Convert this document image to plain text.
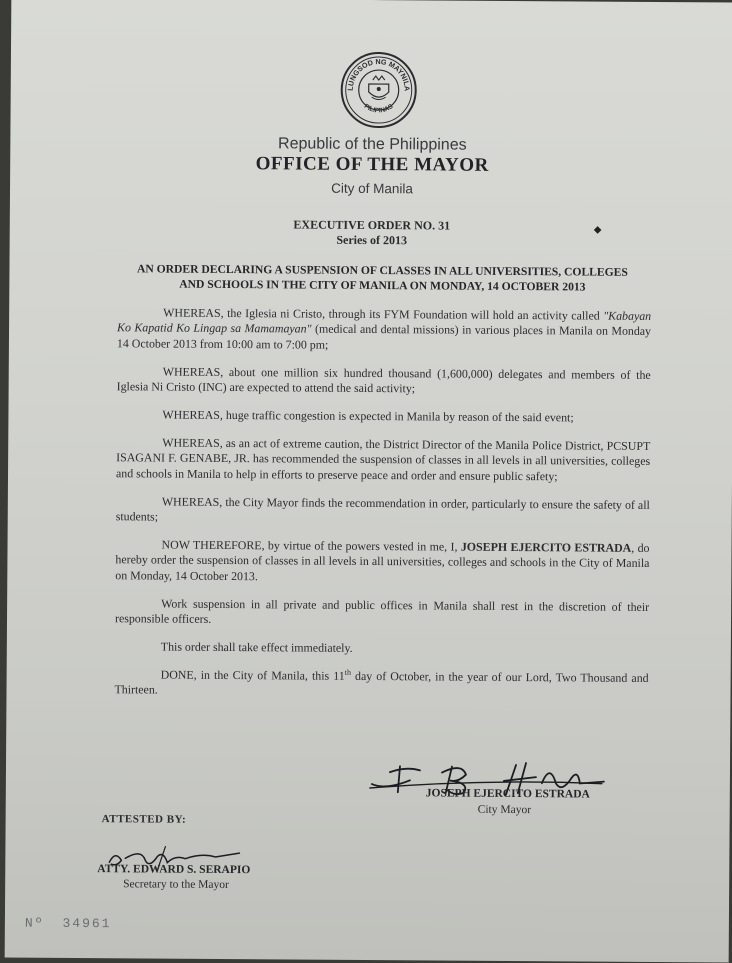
LUNGSOD NG MAYNILA
PILIPINAS
Republic of the Philippines
OFFICE OF THE MAYOR
City of Manila
EXECUTIVE ORDER NO. 31
Series of 2013
◆
AN ORDER DECLARING A SUSPENSION OF CLASSES IN ALL UNIVERSITIES, COLLEGES
AND SCHOOLS IN THE CITY OF MANILA ON MONDAY, 14 OCTOBER 2013

WHEREAS, the Iglesia ni Cristo, through its FYM Foundation will hold an activity called "Kabayan Ko Kapatid Ko Lingap sa Mamamayan" (medical and dental missions) in various places in Manila on Monday 14 October 2013 from 10:00 am to 7:00 pm;

WHEREAS, about one million six hundred thousand (1,600,000) delegates and members of the Iglesia Ni Cristo (INC) are expected to attend the said activity;

WHEREAS, huge traffic congestion is expected in Manila by reason of the said event;

WHEREAS, as an act of extreme caution, the District Director of the Manila Police District, PCSUPT ISAGANI F. GENABE, JR. has recommended the suspension of classes in all levels in all universities, colleges and schools in Manila to help in efforts to preserve peace and order and ensure public safety;

WHEREAS, the City Mayor finds the recommendation in order, particularly to ensure the safety of all students;

NOW THEREFORE, by virtue of the powers vested in me, I, JOSEPH EJERCITO ESTRADA, do hereby order the suspension of classes in all levels in all universities, colleges and schools in the City of Manila on Monday, 14 October 2013.

Work suspension in all private and public offices in Manila shall rest in the discretion of their responsible officers.

This order shall take effect immediately.

DONE, in the City of Manila, this 11th day of October, in the year of our Lord, Two Thousand and Thirteen.

JOSEPH EJERCITO ESTRADA
City Mayor
ATTESTED BY:
ATTY. EDWARD S. SERAPIO
Secretary to the Mayor
Nº 34961
